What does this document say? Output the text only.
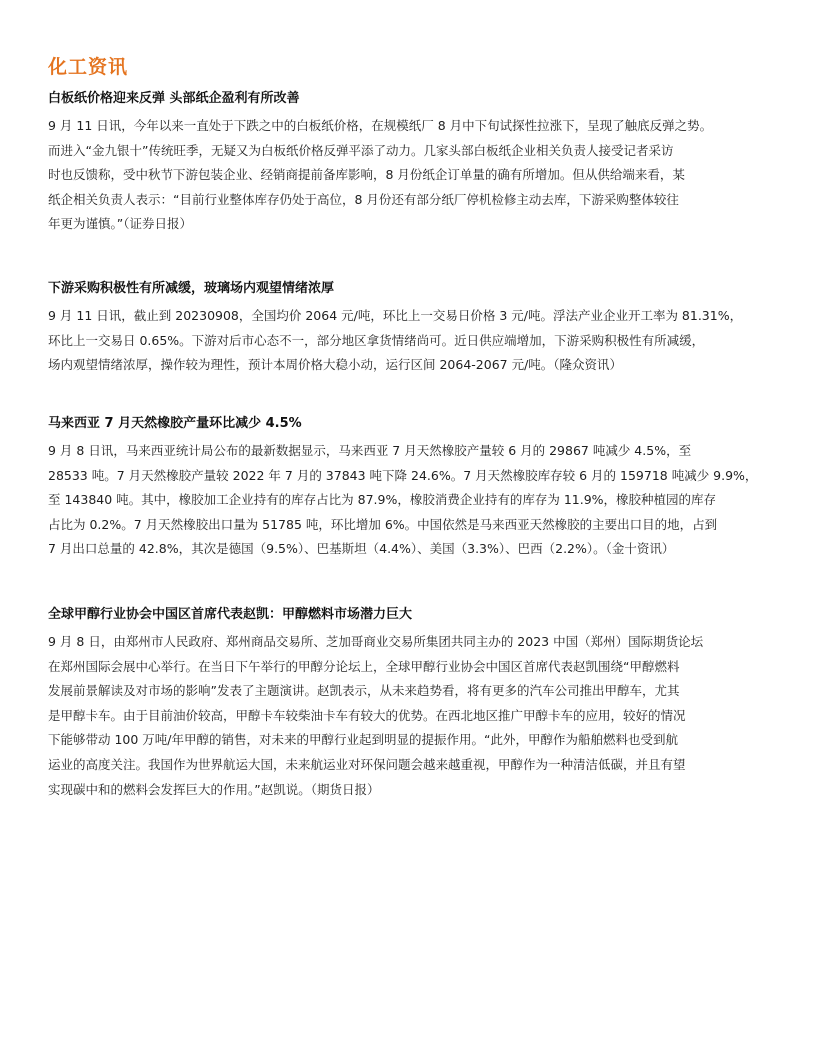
化工资讯
白板纸价格迎来反弹 头部纸企盈利有所改善

9 月 11 日讯，今年以来一直处于下跌之中的白板纸价格，在规模纸厂 8 月中下旬试探性拉涨下，呈现了触底反弹之势。
而进入“金九银十”传统旺季，无疑又为白板纸价格反弹平添了动力。几家头部白板纸企业相关负责人接受记者采访
时也反馈称，受中秋节下游包装企业、经销商提前备库影响，8 月份纸企订单量的确有所增加。但从供给端来看，某
纸企相关负责人表示：“目前行业整体库存仍处于高位，8 月份还有部分纸厂停机检修主动去库，下游采购整体较往
年更为谨慎。”（证券日报）

下游采购积极性有所减缓，玻璃场内观望情绪浓厚

9 月 11 日讯，截止到 20230908，全国均价 2064 元/吨，环比上一交易日价格 3 元/吨。浮法产业企业开工率为 81.31%，
环比上一交易日 0.65%。下游对后市心态不一，部分地区拿货情绪尚可。近日供应端增加，下游采购积极性有所减缓，
场内观望情绪浓厚，操作较为理性，预计本周价格大稳小动，运行区间 2064-2067 元/吨。（隆众资讯）

马来西亚 7 月天然橡胶产量环比减少 4.5%

9 月 8 日讯，马来西亚统计局公布的最新数据显示，马来西亚 7 月天然橡胶产量较 6 月的 29867 吨减少 4.5%，至
28533 吨。7 月天然橡胶产量较 2022 年 7 月的 37843 吨下降 24.6%。7 月天然橡胶库存较 6 月的 159718 吨减少 9.9%，
至 143840 吨。其中，橡胶加工企业持有的库存占比为 87.9%，橡胶消费企业持有的库存为 11.9%，橡胶种植园的库存
占比为 0.2%。7 月天然橡胶出口量为 51785 吨，环比增加 6%。中国依然是马来西亚天然橡胶的主要出口目的地，占到
7 月出口总量的 42.8%，其次是德国（9.5%）、巴基斯坦（4.4%）、美国（3.3%）、巴西（2.2%）。（金十资讯）

全球甲醇行业协会中国区首席代表赵凯：甲醇燃料市场潜力巨大

9 月 8 日，由郑州市人民政府、郑州商品交易所、芝加哥商业交易所集团共同主办的 2023 中国（郑州）国际期货论坛
在郑州国际会展中心举行。在当日下午举行的甲醇分论坛上，全球甲醇行业协会中国区首席代表赵凯围绕“甲醇燃料
发展前景解读及对市场的影响”发表了主题演讲。赵凯表示，从未来趋势看，将有更多的汽车公司推出甲醇车，尤其
是甲醇卡车。由于目前油价较高，甲醇卡车较柴油卡车有较大的优势。在西北地区推广甲醇卡车的应用，较好的情况
下能够带动 100 万吨/年甲醇的销售，对未来的甲醇行业起到明显的提振作用。“此外，甲醇作为船舶燃料也受到航
运业的高度关注。我国作为世界航运大国，未来航运业对环保问题会越来越重视，甲醇作为一种清洁低碳，并且有望
实现碳中和的燃料会发挥巨大的作用。”赵凯说。（期货日报）
